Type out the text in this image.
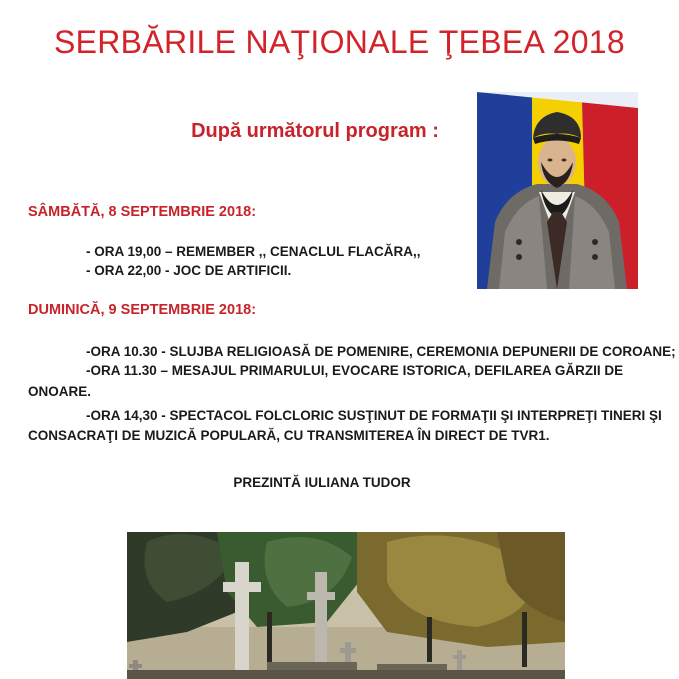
SERBĂRILE NAŢIONALE ŢEBEA 2018
După următorul program :
SÂMBĂTĂ, 8 SEPTEMBRIE 2018:
- ORA 19,00 – REMEMBER ,, CENACLUL FLACĂRA,,
- ORA 22,00 - JOC DE ARTIFICII.
DUMINICĂ, 9 SEPTEMBRIE 2018:
-ORA 10.30 - SLUJBA RELIGIOASĂ DE POMENIRE, CEREMONIA DEPUNERII DE COROANE;
-ORA 11.30 – MESAJUL PRIMARULUI, EVOCARE ISTORICA, DEFILAREA GĂRZII DE
ONOARE.
-ORA 14,30 - SPECTACOL FOLCLORIC SUSŢINUT DE FORMAŢII ŞI INTERPREŢI TINERI ŞI
CONSACRAŢI DE MUZICĂ POPULARĂ, CU TRANSMITEREA ÎN DIRECT DE TVR1.
PREZINTĂ IULIANA TUDOR
